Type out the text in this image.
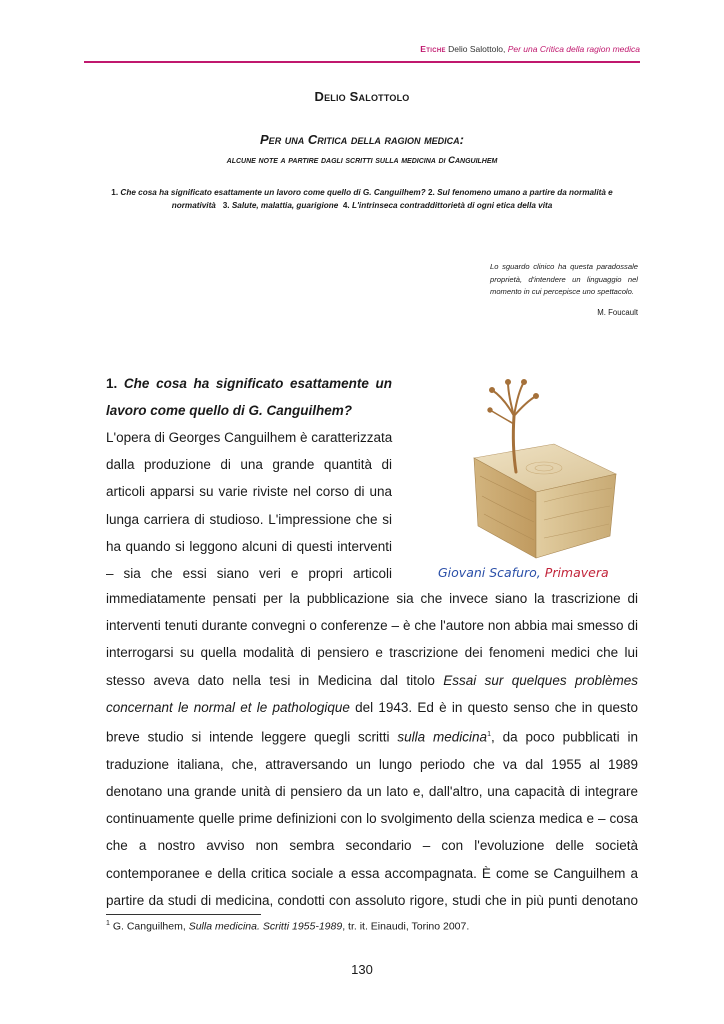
Etiche Delio Salottolo, Per una Critica della ragion medica
Delio Salottolo
Per una Critica della ragion medica:
alcune note a partire dagli scritti sulla medicina di Canguilhem
1. Che cosa ha significato esattamente un lavoro come quello di G. Canguilhem? 2. Sul fenomeno umano a partire da normalità e
normatività 3. Salute, malattia, guarigione 4. L'intrinseca contraddittorietà di ogni etica della vita
Lo sguardo clinico ha questa paradossale proprietà, d'intendere un linguaggio nel momento in cui percepisce uno spettacolo.
M. Foucault
1. Che cosa ha significato esattamente un
lavoro come quello di G. Canguilhem?
L'opera di Georges Canguilhem è caratterizzata
dalla produzione di una grande quantità di
articoli apparsi su varie riviste nel corso di una
lunga carriera di studioso. L'impressione che si
ha quando si leggono alcuni di questi interventi
– sia che essi siano veri e propri articoli	Giovani Scafuro, Primavera
immediatamente pensati per la pubblicazione sia che invece siano la trascrizione di
interventi tenuti durante convegni o conferenze – è che l'autore non abbia mai smesso di
interrogarsi su quella modalità di pensiero e trascrizione dei fenomeni medici che lui
stesso aveva dato nella tesi in Medicina dal titolo Essai sur quelques problèmes
concernant le normal et le pathologique del 1943. Ed è in questo senso che in questo
breve studio si intende leggere quegli scritti sulla medicina$^1$, da poco pubblicati in
traduzione italiana, che, attraversando un lungo periodo che va dal 1955 al 1989
denotano una grande unità di pensiero da un lato e, dall'altro, una capacità di integrare
continuamente quelle prime definizioni con lo svolgimento della scienza medica e – cosa
che a nostro avviso non sembra secondario – con l'evoluzione delle società
contemporanee e della critica sociale a essa accompagnata. È come se Canguilhem a
partire da studi di medicina, condotti con assoluto rigore, studi che in più punti denotano
$^1$ G. Canguilhem, Sulla medicina. Scritti 1955-1989, tr. it. Einaudi, Torino 2007.
130
